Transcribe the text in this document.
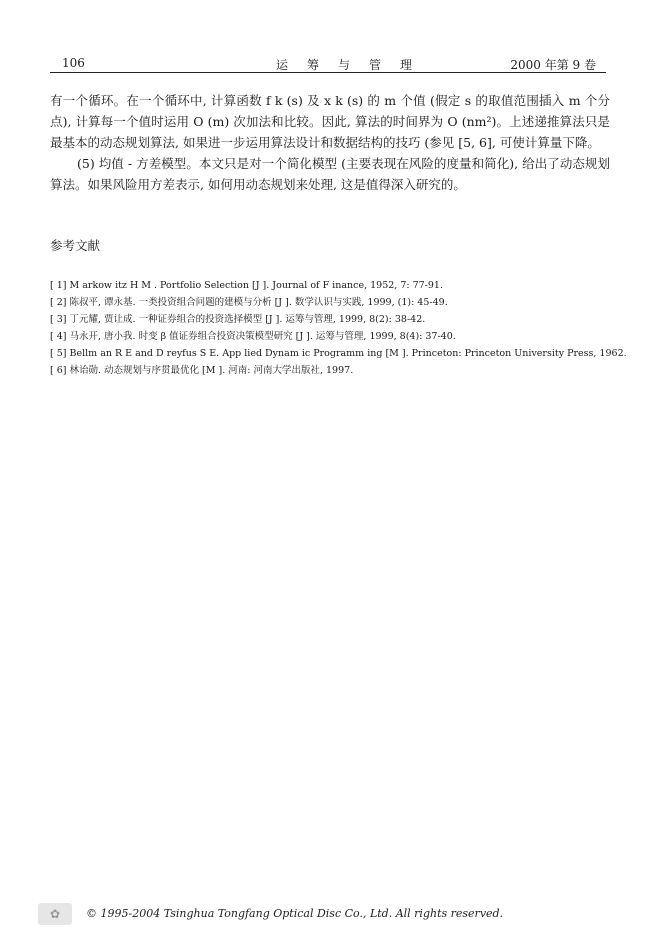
106	运筹与管理	2000 年第 9 卷

有一个循环。在一个循环中, 计算函数 f k (s) 及 x k (s) 的 m 个值 (假定 s 的取值范围插入 m 个分点), 计算每一个值时运用 O (m) 次加法和比较。因此, 算法的时间界为 O (nm²)。上述递推算法只是最基本的动态规划算法, 如果进一步运用算法设计和数据结构的技巧 (参见 [5, 6], 可使计算量下降。

(5) 均值 - 方差模型。本文只是对一个简化模型 (主要表现在风险的度量和简化), 给出了动态规划算法。如果风险用方差表示, 如何用动态规划来处理, 这是值得深入研究的。

参考文献
[ 1] M arkow itz H M . Portfolio Selection [J ]. Journal of F inance, 1952, 7: 77-91.
[ 2] 陈叔平, 谭永基. 一类投资组合问题的建模与分析 [J ]. 数学认识与实践, 1999, (1): 45-49.
[ 3] 丁元耀, 贾让成. 一种证券组合的投资选择模型 [J ]. 运筹与管理, 1999, 8(2): 38-42.
[ 4] 马永开, 唐小我. 时变 β 值证券组合投资决策模型研究 [J ]. 运筹与管理, 1999, 8(4): 37-40.
[ 5] Bellm an R E and D reyfus S E. App lied Dynam ic Programm ing [M ]. Princeton: Princeton University Press, 1962.
[ 6] 林诒勋. 动态规划与序贯最优化 [M ]. 河南: 河南大学出版社, 1997.
✿	© 1995-2004 Tsinghua Tongfang Optical Disc Co., Ltd. All rights reserved.
